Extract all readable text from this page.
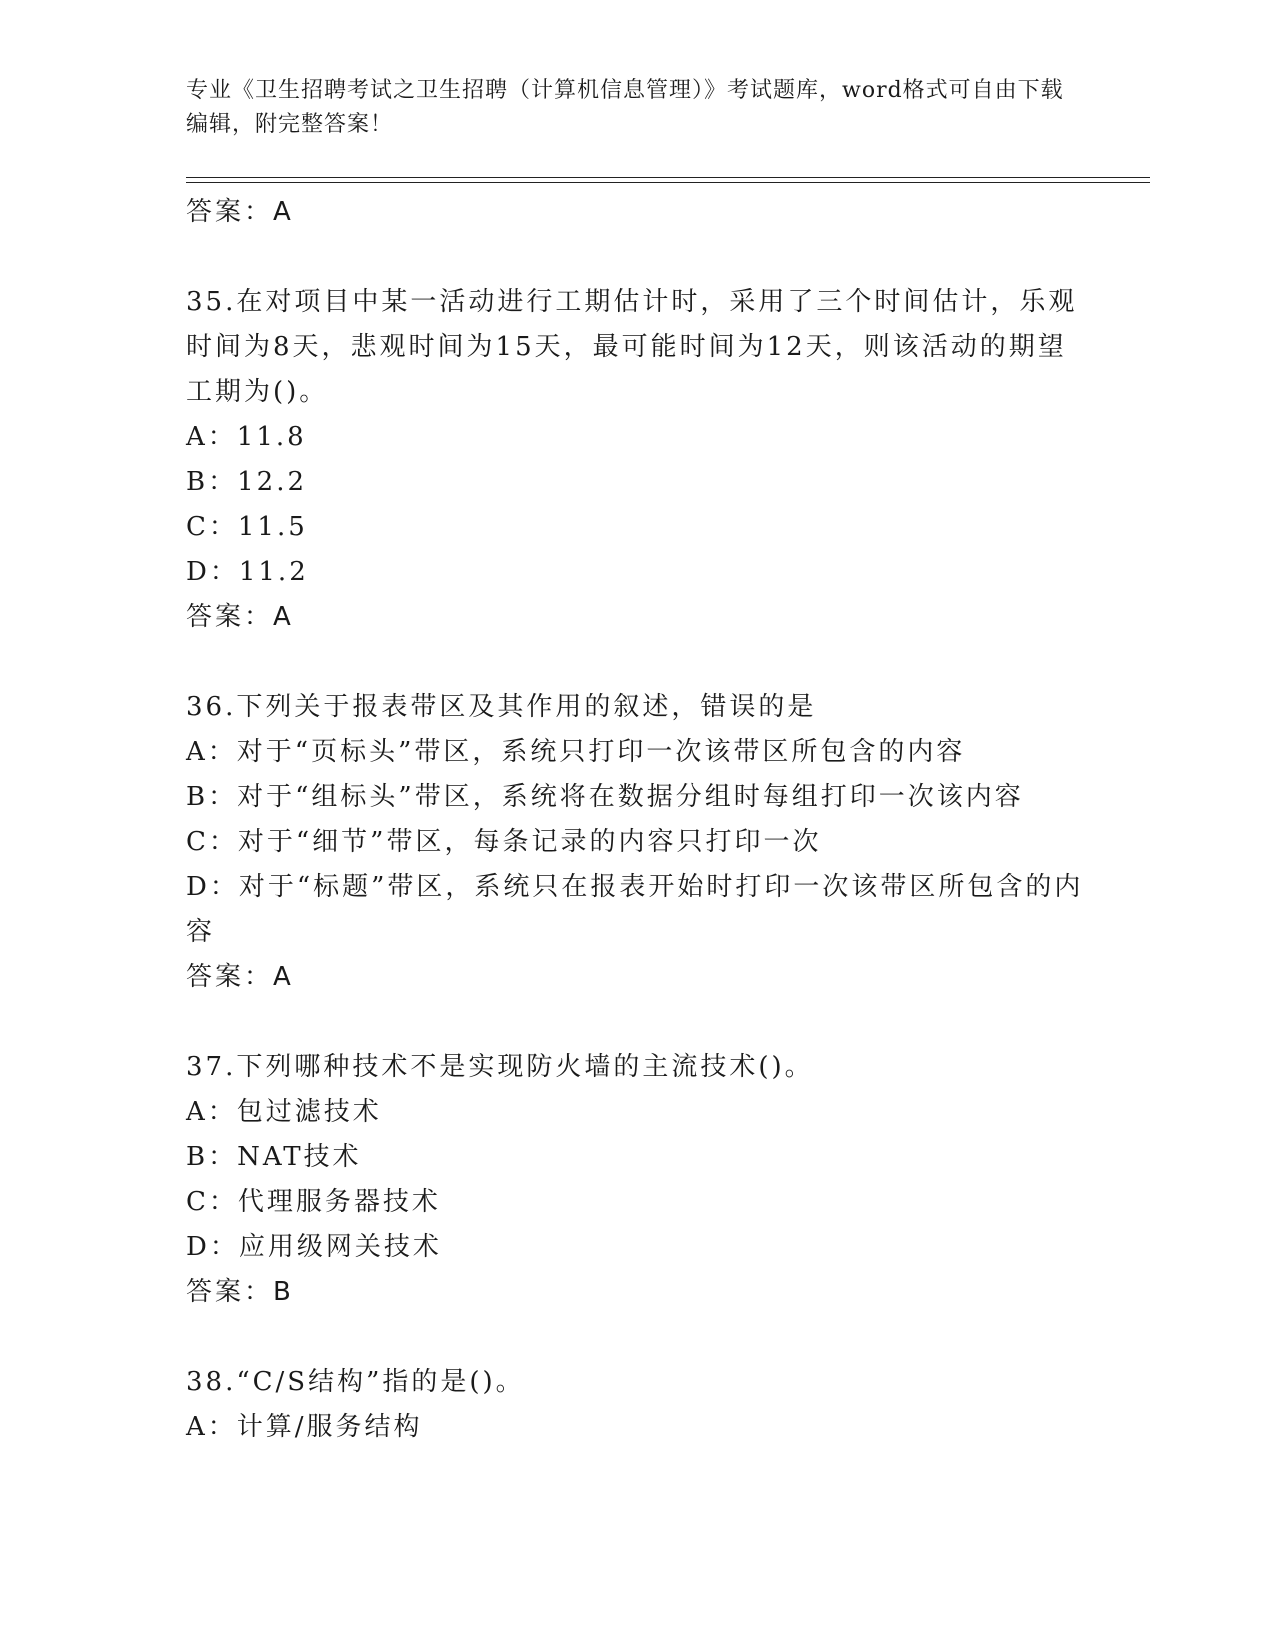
专业《卫生招聘考试之卫生招聘（计算机信息管理）》考试题库，word格式可自由下载编辑，附完整答案！
答案：A
35.在对项目中某一活动进行工期估计时，采用了三个时间估计，乐观时间为8天，悲观时间为15天，最可能时间为12天，则该活动的期望工期为()。
A：11.8
B：12.2
C：11.5
D：11.2
答案：A
36.下列关于报表带区及其作用的叙述，错误的是
A：对于“页标头”带区，系统只打印一次该带区所包含的内容
B：对于“组标头”带区，系统将在数据分组时每组打印一次该内容
C：对于“细节”带区，每条记录的内容只打印一次
D：对于“标题”带区，系统只在报表开始时打印一次该带区所包含的内容
答案：A
37.下列哪种技术不是实现防火墙的主流技术()。
A：包过滤技术
B：NAT技术
C：代理服务器技术
D：应用级网关技术
答案：B
38.“C/S结构”指的是()。
A：计算/服务结构
